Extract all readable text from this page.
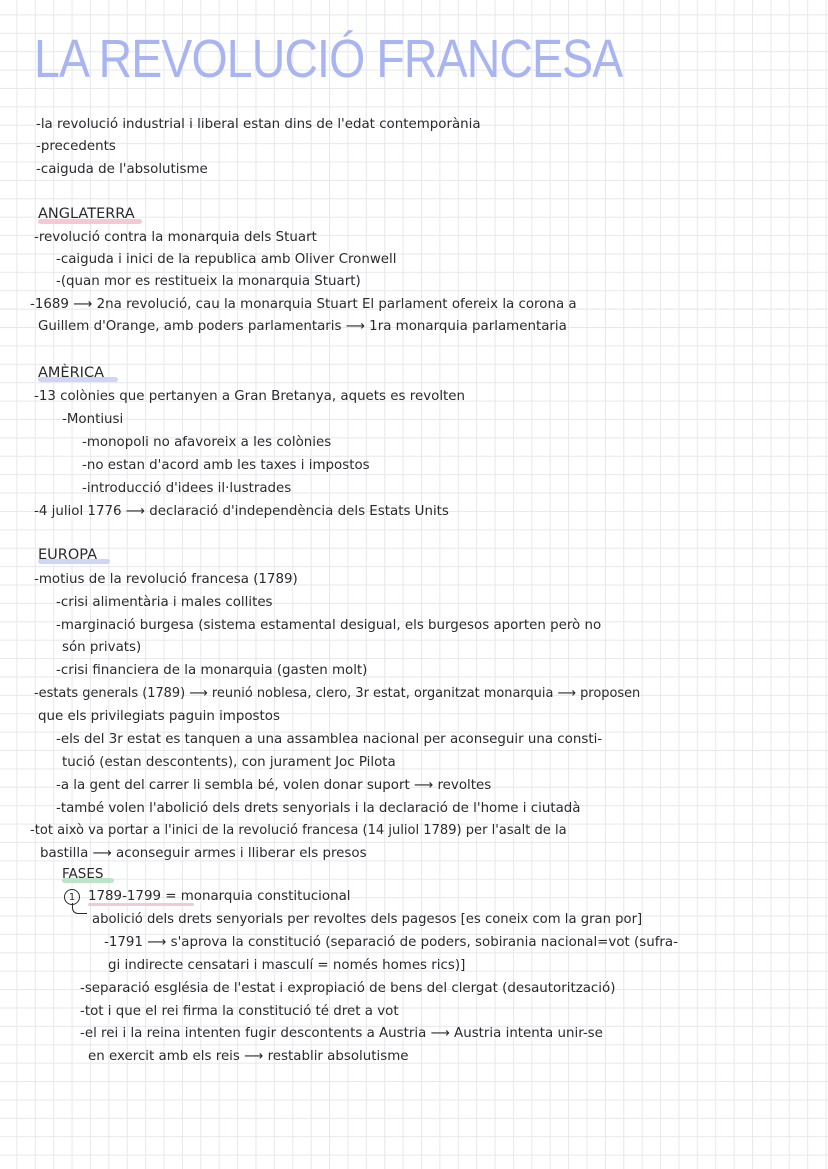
LA REVOLUCIÓ FRANCESA
-la revolució industrial i liberal estan dins de l'edat contemporània
-precedents
-caiguda de l'absolutisme
ANGLATERRA
-revolució contra la monarquia dels Stuart
-caiguda i inici de la republica amb Oliver Cronwell
-(quan mor es restitueix la monarquia Stuart)
-1689 ⟶ 2na revolució, cau la monarquia Stuart El parlament ofereix la corona a
Guillem d'Orange, amb poders parlamentaris ⟶ 1ra monarquia parlamentaria
AMÈRICA
-13 colònies que pertanyen a Gran Bretanya, aquets es revolten
-Montiusi
-monopoli no afavoreix a les colònies
-no estan d'acord amb les taxes i impostos
-introducció d'idees il·lustrades
-4 juliol 1776 ⟶ declaració d'independència dels Estats Units
EUROPA
-motius de la revolució francesa (1789)
-crisi alimentària i males collites
-marginació burgesa (sistema estamental desigual, els burgesos aporten però no
són privats)
-crisi financiera de la monarquia (gasten molt)
-estats generals (1789) ⟶ reunió noblesa, clero, 3r estat, organitzat monarquia ⟶ proposen
que els privilegiats paguin impostos
-els del 3r estat es tanquen a una assamblea nacional per aconseguir una consti-
tució (estan descontents), con jurament Joc Pilota
-a la gent del carrer li sembla bé, volen donar suport ⟶ revoltes
-també volen l'abolició dels drets senyorials i la declaració de l'home i ciutadà
-tot això va portar a l'inici de la revolució francesa (14 juliol 1789) per l'asalt de la
bastilla ⟶ aconseguir armes i lliberar els presos
FASES
1 1789-1799 = monarquia constitucional
abolició dels drets senyorials per revoltes dels pagesos [es coneix com la gran por]
-1791 ⟶ s'aprova la constitució (separació de poders, sobirania nacional=vot (sufra-
gi indirecte censatari i masculí = només homes rics)]
-separació església de l'estat i expropiació de bens del clergat (desautorització)
-tot i que el rei firma la constitució té dret a vot
-el rei i la reina intenten fugir descontents a Austria ⟶ Austria intenta unir-se
en exercit amb els reis ⟶ restablir absolutisme
